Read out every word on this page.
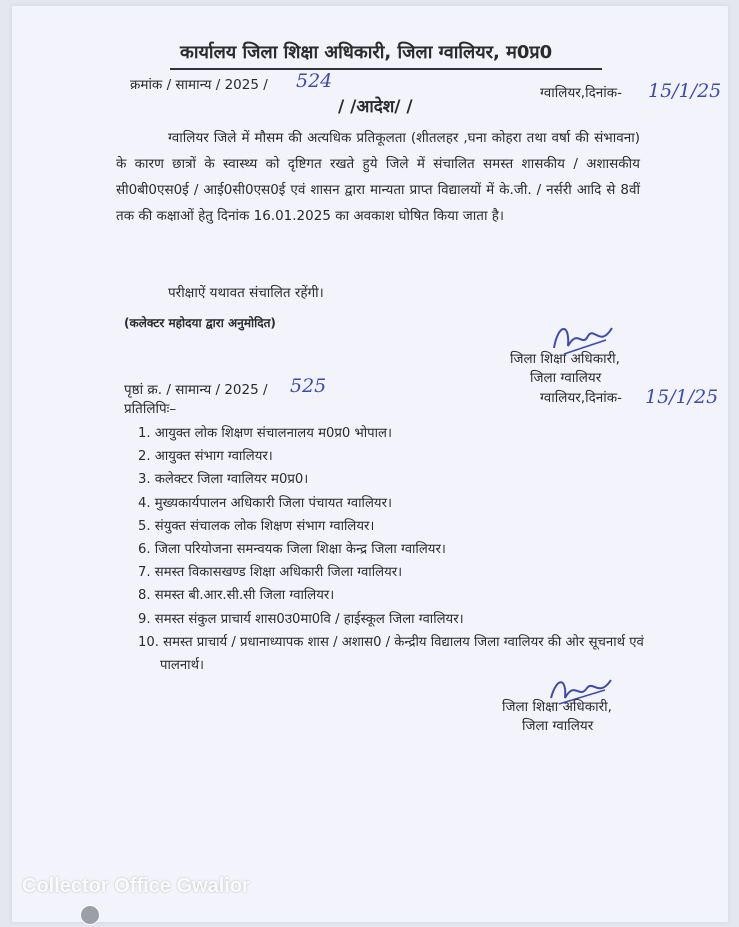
कार्यालय जिला शिक्षा अधिकारी, जिला ग्वालियर, म0प्र0
क्रमांक / सामान्य / 2025 / 524
ग्वालियर,दिनांक- 15/1/25
/ /आदेश/ /
ग्वालियर जिले में मौसम की अत्यधिक प्रतिकूलता (शीतलहर ,घना कोहरा तथा वर्षा की संभावना) के कारण छात्रों के स्वास्थ्य को दृष्टिगत रखते हुये जिले में संचालित समस्त शासकीय / अशासकीय सी0बी0एस0ई / आई0सी0एस0ई एवं शासन द्वारा मान्यता प्राप्त विद्यालयों में के.जी. / नर्सरी आदि से 8वीं तक की कक्षाओं हेतु दिनांक 16.01.2025 का अवकाश घोषित किया जाता है।
परीक्षाऐं यथावत संचालित रहेंगी।
(कलेक्टर महोदया द्वारा अनुमोदित)
जिला शिक्षा अधिकारी,
जिला ग्वालियर
पृष्ठां क्र. / सामान्य / 2025 / 525
ग्वालियर,दिनांक- 15/1/25
प्रतिलिपिः–
1. आयुक्त लोक शिक्षण संचालनालय म0प्र0 भोपाल।
2. आयुक्त संभाग ग्वालियर।
3. कलेक्टर जिला ग्वालियर म0प्र0।
4. मुख्यकार्यपालन अधिकारी जिला पंचायत ग्वालियर।
5. संयुक्त संचालक लोक शिक्षण संभाग ग्वालियर।
6. जिला परियोजना समन्वयक जिला शिक्षा केन्द्र जिला ग्वालियर।
7. समस्त विकासखण्ड शिक्षा अधिकारी जिला ग्वालियर।
8. समस्त बी.आर.सी.सी जिला ग्वालियर।
9. समस्त संकुल प्राचार्य शास0उ0मा0वि / हाईस्कूल जिला ग्वालियर।
10. समस्त प्राचार्य / प्रधानाध्यापक शास / अशास0 / केन्द्रीय विद्यालय जिला ग्वालियर की ओर सूचनार्थ एवं पालनार्थ।
जिला शिक्षा अधिकारी,
जिला ग्वालियर
Collector Office Gwalior
